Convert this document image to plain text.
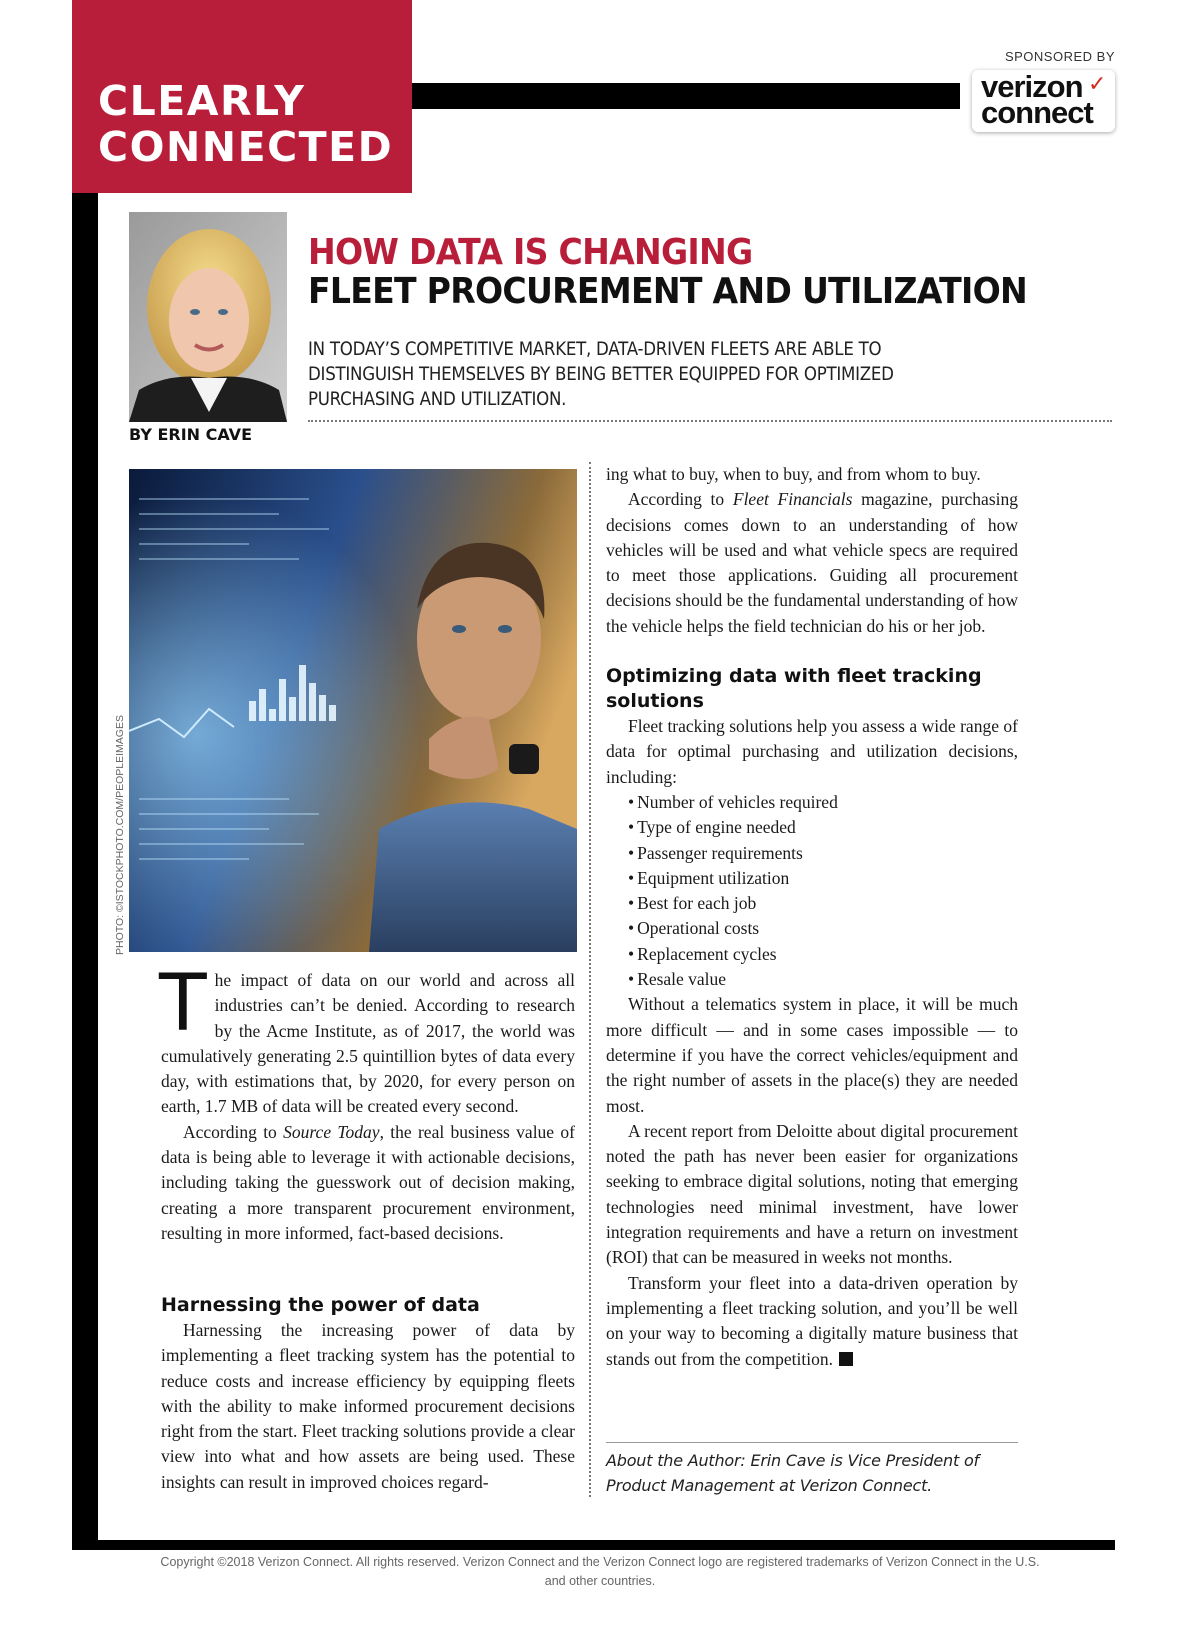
CLEARLY
CONNECTED
SPONSORED BY
verizon ✓
connect
BY ERIN CAVE
HOW DATA IS CHANGING
FLEET PROCUREMENT AND UTILIZATION
IN TODAY’S COMPETITIVE MARKET, DATA-DRIVEN FLEETS ARE ABLE TO DISTINGUISH THEMSELVES BY BEING BETTER EQUIPPED FOR OPTIMIZED PURCHASING AND UTILIZATION.
PHOTO: ©ISTOCKPHOTO.COM/PEOPLEIMAGES

The impact of data on our world and across all industries can’t be denied. According to research by the Acme Institute, as of 2017, the world was cumulatively generating 2.5 quintillion bytes of data every day, with estimations that, by 2020, for every person on earth, 1.7 MB of data will be created every second.

According to Source Today, the real business value of data is being able to leverage it with actionable decisions, including taking the guesswork out of decision making, creating a more transparent procurement environment, resulting in more informed, fact-based decisions.

Harnessing the power of data

Harnessing the increasing power of data by implementing a fleet tracking system has the potential to reduce costs and increase efficiency by equipping fleets with the ability to make informed procurement decisions right from the start. Fleet tracking solutions provide a clear view into what and how assets are being used. These insights can result in improved choices regard-

ing what to buy, when to buy, and from whom to buy.

According to Fleet Financials magazine, purchasing decisions comes down to an understanding of how vehicles will be used and what vehicle specs are required to meet those applications. Guiding all procurement decisions should be the fundamental understanding of how the vehicle helps the field technician do his or her job.

Optimizing data with fleet tracking solutions

Fleet tracking solutions help you assess a wide range of data for optimal purchasing and utilization decisions, including:

• Number of vehicles required
• Type of engine needed
• Passenger requirements
• Equipment utilization
• Best for each job
• Operational costs
• Replacement cycles
• Resale value

Without a telematics system in place, it will be much more difficult — and in some cases impossible — to determine if you have the correct vehicles/equipment and the right number of assets in the place(s) they are needed most.

A recent report from Deloitte about digital procurement noted the path has never been easier for organizations seeking to embrace digital solutions, noting that emerging technologies need minimal investment, have lower integration requirements and have a return on investment (ROI) that can be measured in weeks not months.

Transform your fleet into a data-driven operation by implementing a fleet tracking solution, and you’ll be well on your way to becoming a digitally mature business that stands out from the competition.

About the Author: Erin Cave is Vice President of Product Management at Verizon Connect.
Copyright ©2018 Verizon Connect. All rights reserved. Verizon Connect and the Verizon Connect logo are registered trademarks of Verizon Connect in the U.S. and other countries.
